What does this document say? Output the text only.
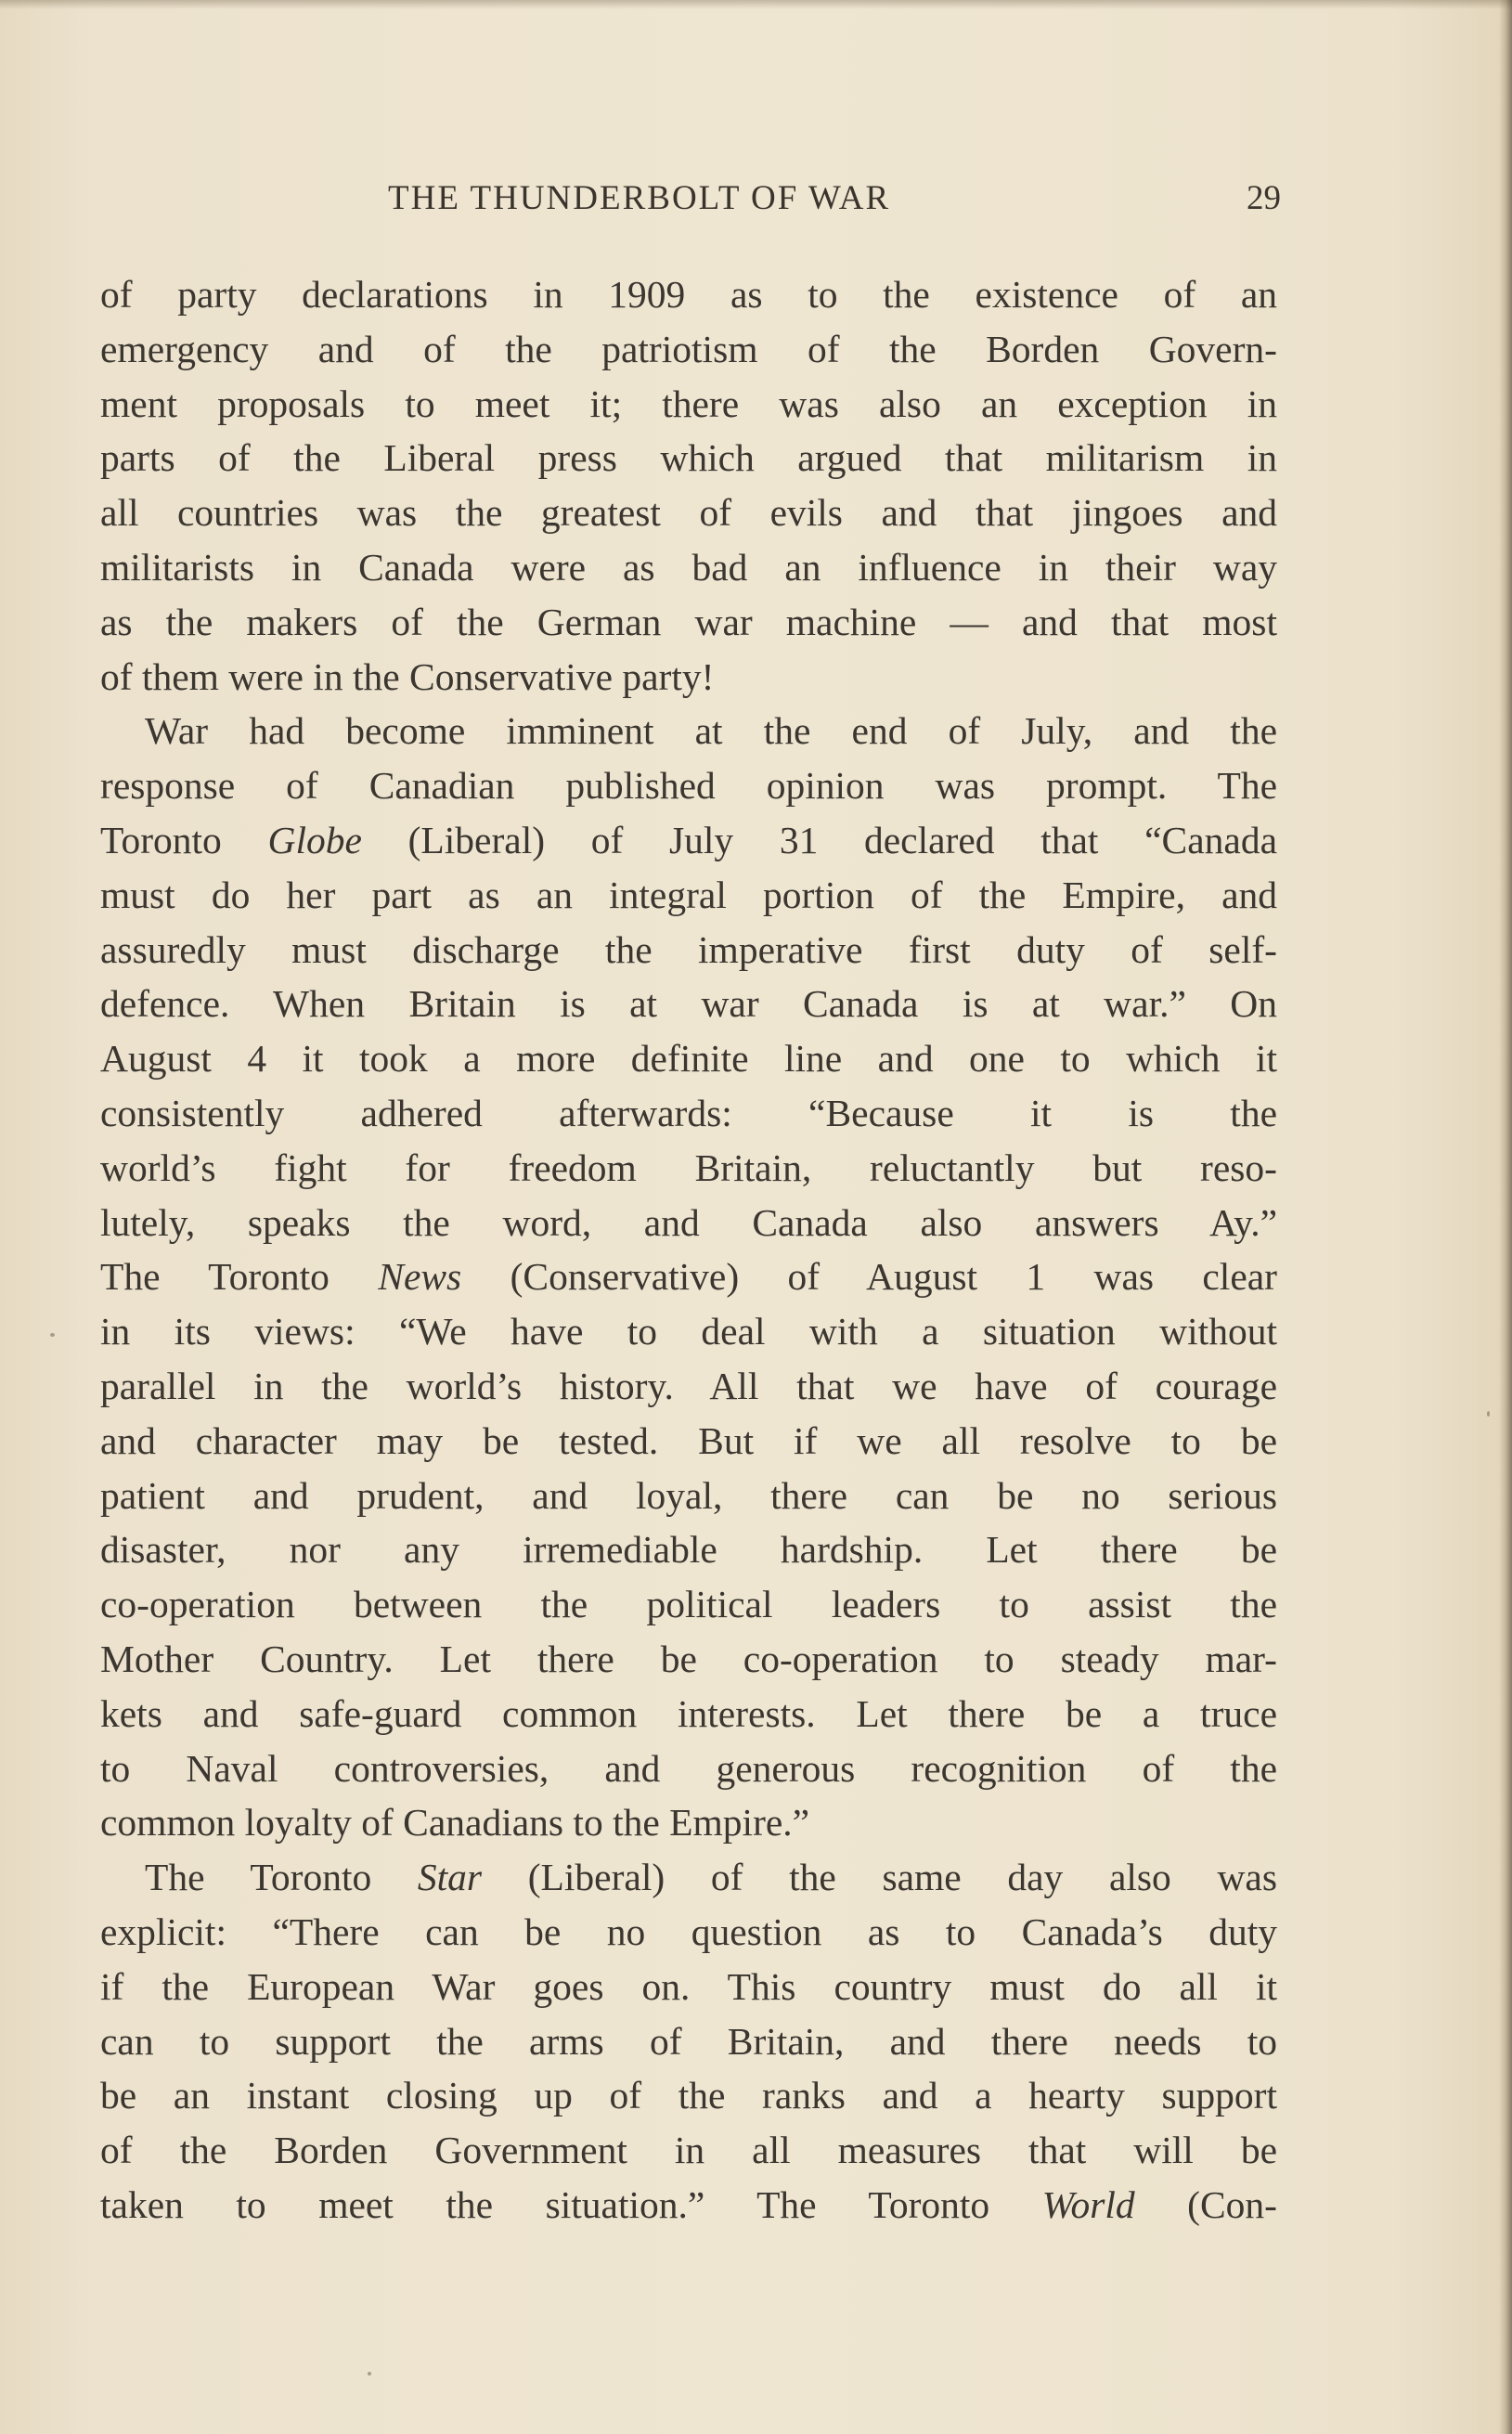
THE THUNDERBOLT OF WAR	29
of party declarations in 1909 as to the existence of an
emergency and of the patriotism of the Borden Govern-
ment proposals to meet it; there was also an exception in
parts of the Liberal press which argued that militarism in
all countries was the greatest of evils and that jingoes and
militarists in Canada were as bad an influence in their way
as the makers of the German war machine — and that most
of them were in the Conservative party!
War had become imminent at the end of July, and the
response of Canadian published opinion was prompt. The
Toronto Globe (Liberal) of July 31 declared that “Canada
must do her part as an integral portion of the Empire, and
assuredly must discharge the imperative first duty of self-
defence. When Britain is at war Canada is at war.” On
August 4 it took a more definite line and one to which it
consistently adhered afterwards: “Because it is the
world’s fight for freedom Britain, reluctantly but reso-
lutely, speaks the word, and Canada also answers Ay.”
The Toronto News (Conservative) of August 1 was clear
in its views: “We have to deal with a situation without
parallel in the world’s history. All that we have of courage
and character may be tested. But if we all resolve to be
patient and prudent, and loyal, there can be no serious
disaster, nor any irremediable hardship. Let there be
co-operation between the political leaders to assist the
Mother Country. Let there be co-operation to steady mar-
kets and safe-guard common interests. Let there be a truce
to Naval controversies, and generous recognition of the
common loyalty of Canadians to the Empire.”
The Toronto Star (Liberal) of the same day also was
explicit: “There can be no question as to Canada’s duty
if the European War goes on. This country must do all it
can to support the arms of Britain, and there needs to
be an instant closing up of the ranks and a hearty support
of the Borden Government in all measures that will be
taken to meet the situation.” The Toronto World (Con-
